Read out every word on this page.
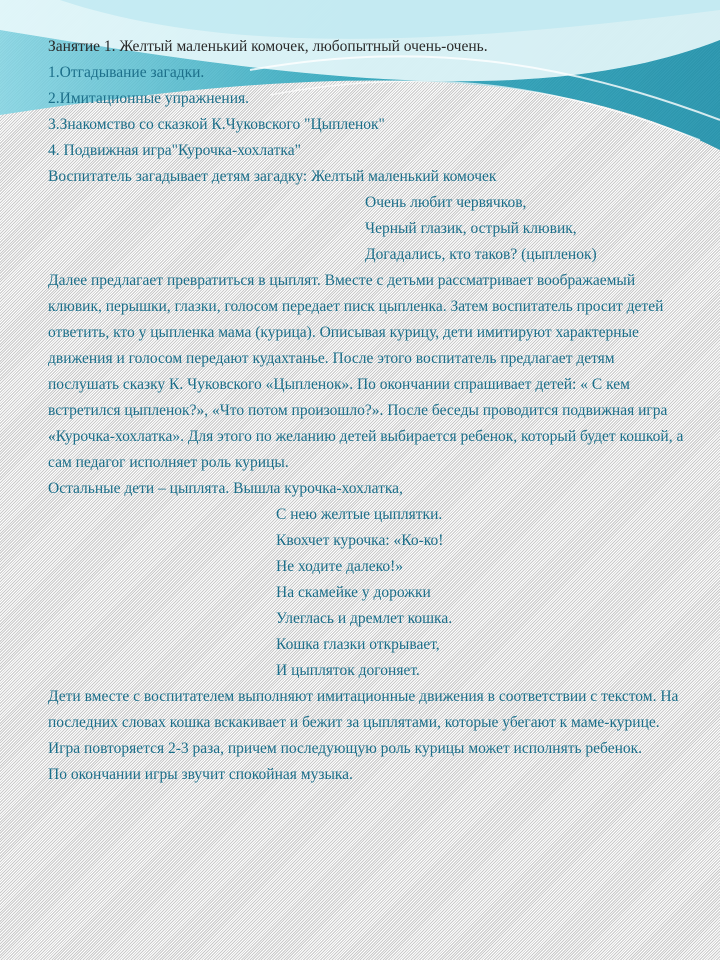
Занятие 1. Желтый маленький комочек, любопытный очень-очень.
1.Отгадывание загадки.
2.Имитационные упражнения.
3.Знакомство со сказкой К.Чуковского "Цыпленок"
4. Подвижная игра"Курочка-хохлатка"
Воспитатель загадывает детям загадку: Желтый маленький комочек
Очень любит червячков,
Черный глазик, острый клювик,
Догадались, кто таков? (цыпленок)
Далее предлагает превратиться в цыплят. Вместе с детьми рассматривает воображаемый клювик, перышки, глазки, голосом передает писк цыпленка. Затем воспитатель просит детей ответить, кто у цыпленка мама (курица). Описывая курицу, дети имитируют характерные движения и голосом передают кудахтанье. После этого воспитатель предлагает детям послушать сказку К. Чуковского «Цыпленок». По окончании спрашивает детей: « С кем встретился цыпленок?», «Что потом произошло?». После беседы проводится подвижная игра «Курочка-хохлатка». Для этого по желанию детей выбирается ребенок, который будет кошкой, а сам педагог исполняет роль курицы.
Остальные дети – цыплята. Вышла курочка-хохлатка,
С нею желтые цыплятки.
Квохчет курочка: «Ко-ко!
Не ходите далеко!»
На скамейке у дорожки
Улеглась и дремлет кошка.
Кошка глазки открывает,
И цыпляток догоняет.
Дети вместе с воспитателем выполняют имитационные движения в соответствии с текстом. На последних словах кошка вскакивает и бежит за цыплятами, которые убегают к маме-курице. Игра повторяется 2-3 раза, причем последующую роль курицы может исполнять ребенок.
По окончании игры звучит спокойная музыка.
